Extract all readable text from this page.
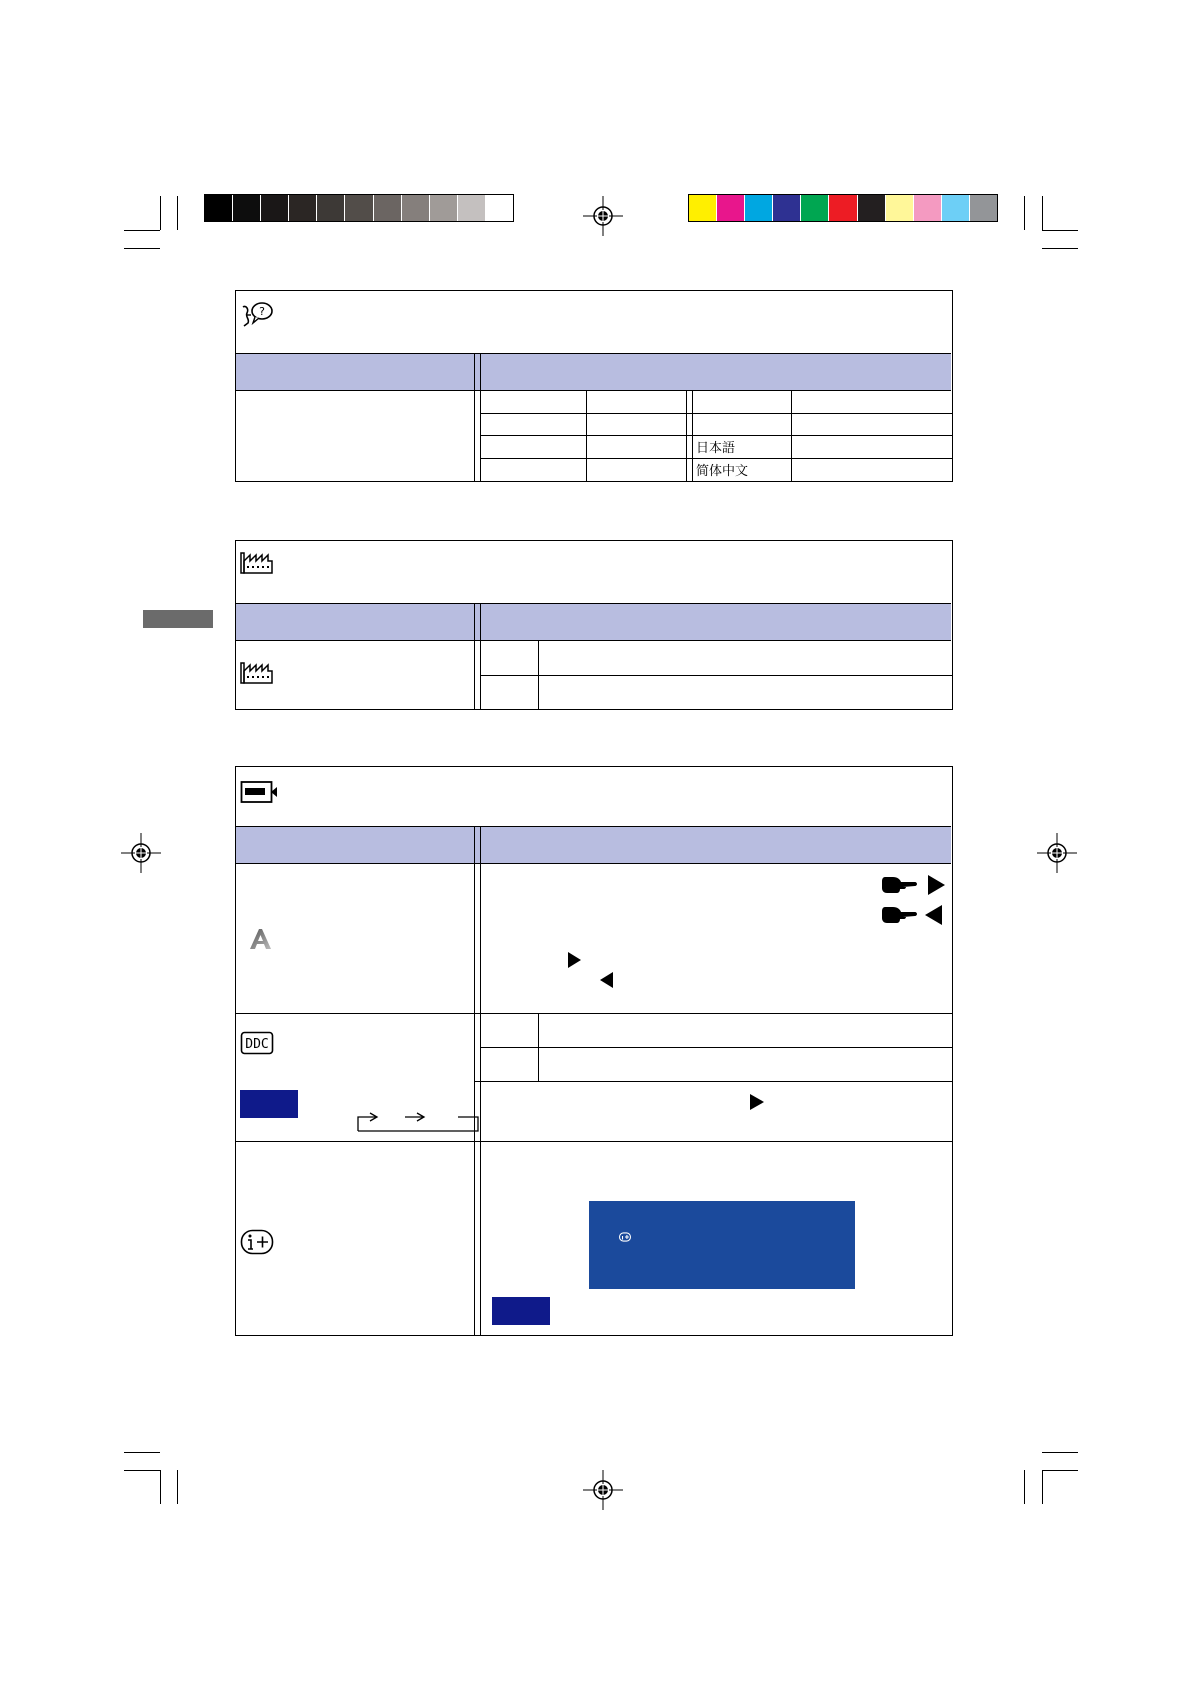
?
日本語
简体中文
DDC
